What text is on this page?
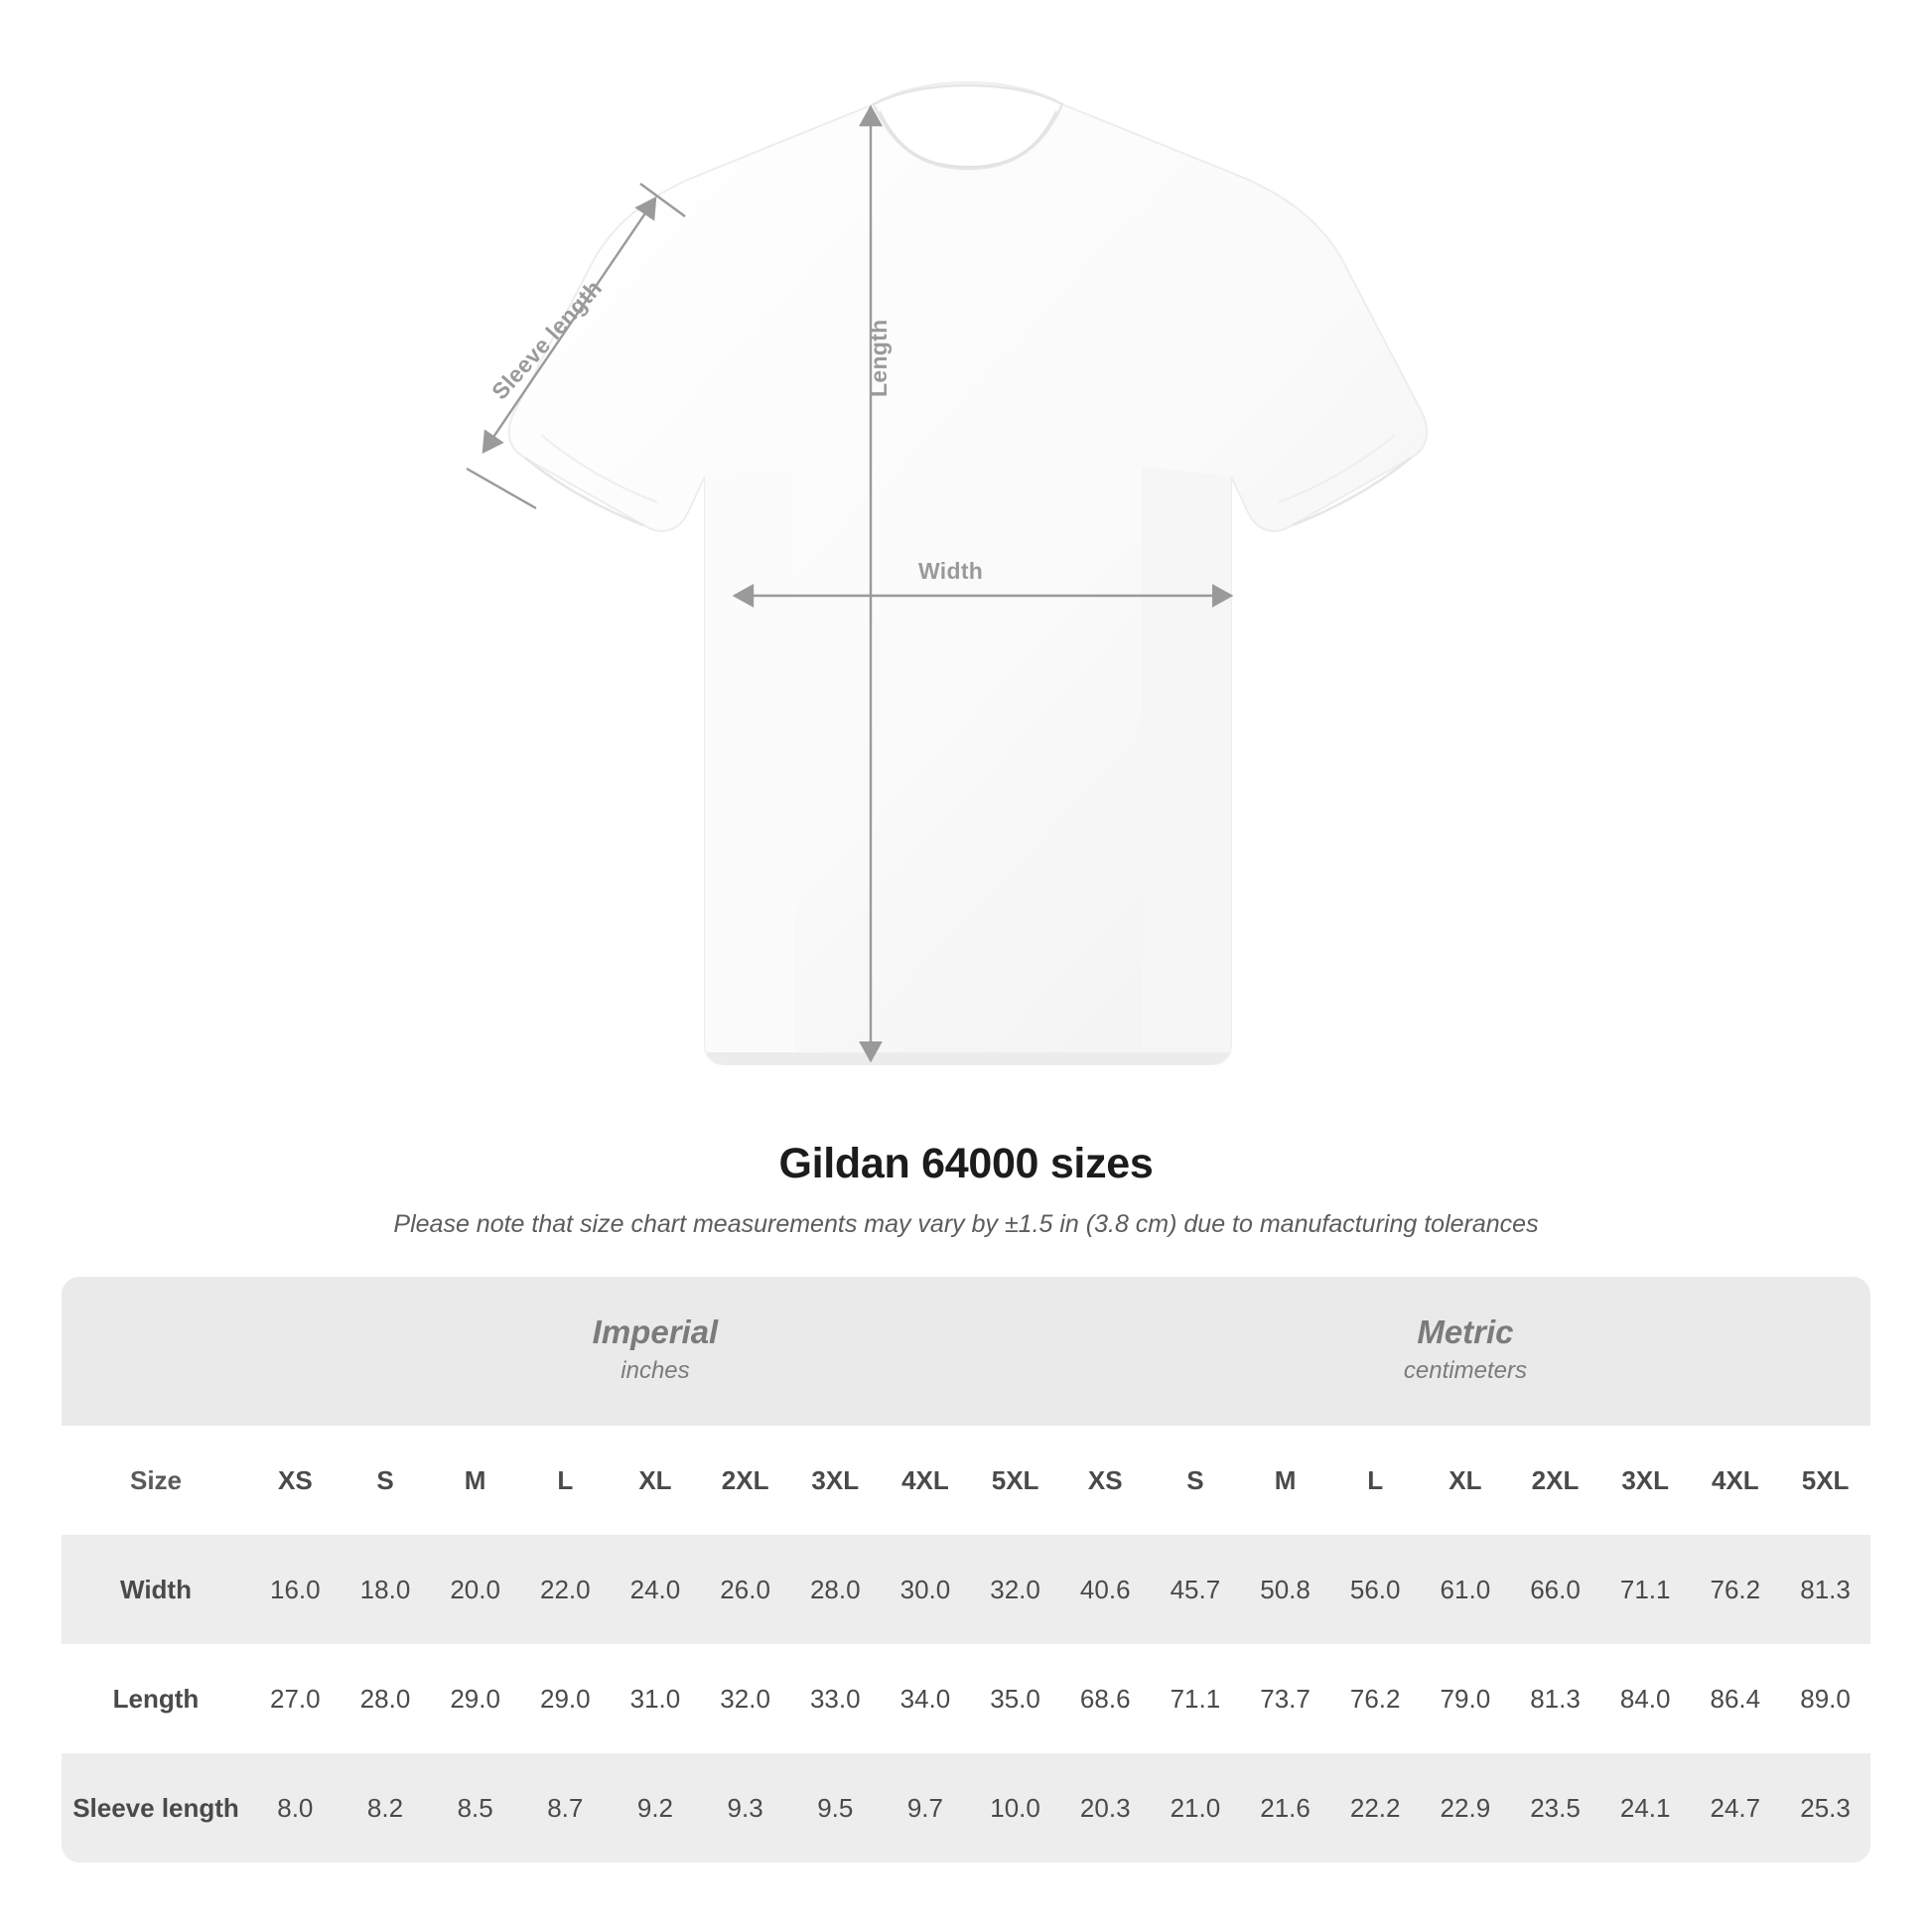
Width
Length
Sleeve length
Gildan 64000 sizes
Please note that size chart measurements may vary by ±1.5 in (3.8 cm) due to manufacturing tolerances

Imperial
inches

Metric
centimeters

Size	XS	S	M	L	XL	2XL	3XL	4XL	5XL	XS	S	M	L	XL	2XL	3XL	4XL	5XL
Width	16.0	18.0	20.0	22.0	24.0	26.0	28.0	30.0	32.0	40.6	45.7	50.8	56.0	61.0	66.0	71.1	76.2	81.3
Length	27.0	28.0	29.0	29.0	31.0	32.0	33.0	34.0	35.0	68.6	71.1	73.7	76.2	79.0	81.3	84.0	86.4	89.0
Sleeve length	8.0	8.2	8.5	8.7	9.2	9.3	9.5	9.7	10.0	20.3	21.0	21.6	22.2	22.9	23.5	24.1	24.7	25.3
